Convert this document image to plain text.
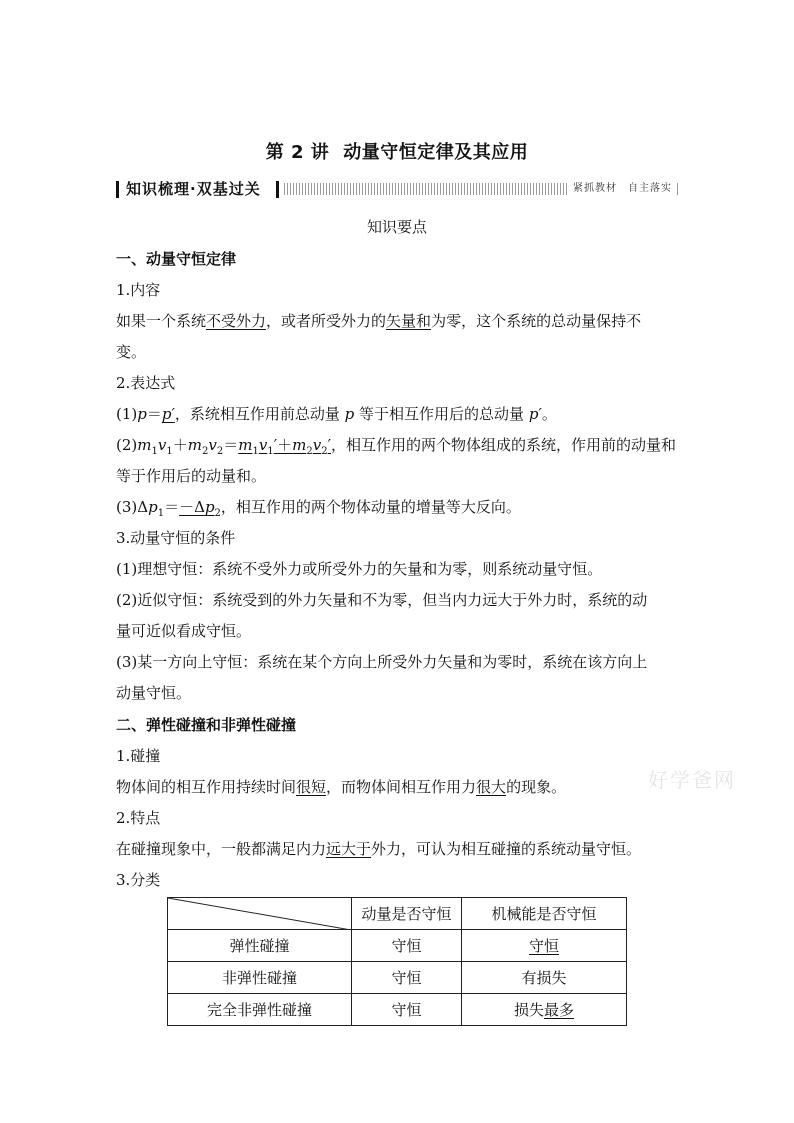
第 2 讲 动量守恒定律及其应用
知识梳理·双基过关	紧抓教材　自主落实
知识要点
一、动量守恒定律
1.内容
如果一个系统不受外力，或者所受外力的矢量和为零，这个系统的总动量保持不
变。
2.表达式
(1)p＝p′，系统相互作用前总动量 p 等于相互作用后的总动量 p′。
$(2)m_1v_1+m_2v_2=m_1v_1'+m_2v_2'$，相互作用的两个物体组成的系统，作用前的动量和
等于作用后的动量和。
$(3)\Delta p_1=-\Delta p_2$，相互作用的两个物体动量的增量等大反向。
3.动量守恒的条件
(1)理想守恒：系统不受外力或所受外力的矢量和为零，则系统动量守恒。
(2)近似守恒：系统受到的外力矢量和不为零，但当内力远大于外力时，系统的动
量可近似看成守恒。
(3)某一方向上守恒：系统在某个方向上所受外力矢量和为零时，系统在该方向上
动量守恒。
二、弹性碰撞和非弹性碰撞
1.碰撞
物体间的相互作用持续时间很短，而物体间相互作用力很大的现象。
2.特点
在碰撞现象中，一般都满足内力远大于外力，可认为相互碰撞的系统动量守恒。
3.分类
好学爸网
	动量是否守恒	机械能是否守恒
弹性碰撞	守恒	守恒
非弹性碰撞	守恒	有损失
完全非弹性碰撞	守恒	损失最多
